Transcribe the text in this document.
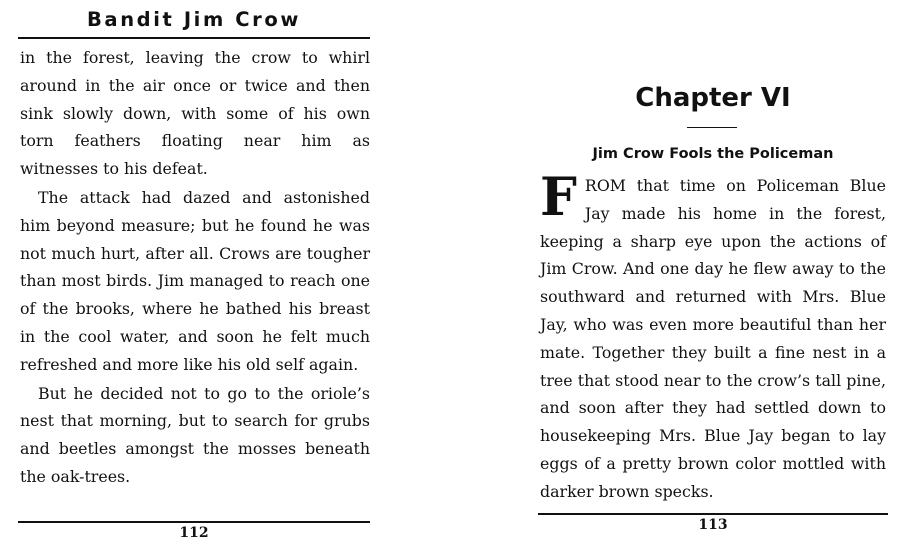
Bandit Jim Crow

in the forest, leaving the crow to whirl around in the air once or twice and then sink slowly down, with some of his own torn feathers floating near him as witnesses to his defeat.

The attack had dazed and astonished him beyond measure; but he found he was not much hurt, after all. Crows are tougher than most birds. Jim managed to reach one of the brooks, where he bathed his breast in the cool water, and soon he felt much refreshed and more like his old self again.

But he decided not to go to the oriole’s nest that morning, but to search for grubs and beetles amongst the mosses beneath the oak-trees.

112
Chapter VI
Jim Crow Fools the Policeman

FROM that time on Policeman Blue Jay made his home in the forest, keeping a sharp eye upon the actions of Jim Crow. And one day he flew away to the southward and returned with Mrs. Blue Jay, who was even more beautiful than her mate. Together they built a fine nest in a tree that stood near to the crow’s tall pine, and soon after they had settled down to housekeeping Mrs. Blue Jay began to lay eggs of a pretty brown color mottled with darker brown specks.

113
